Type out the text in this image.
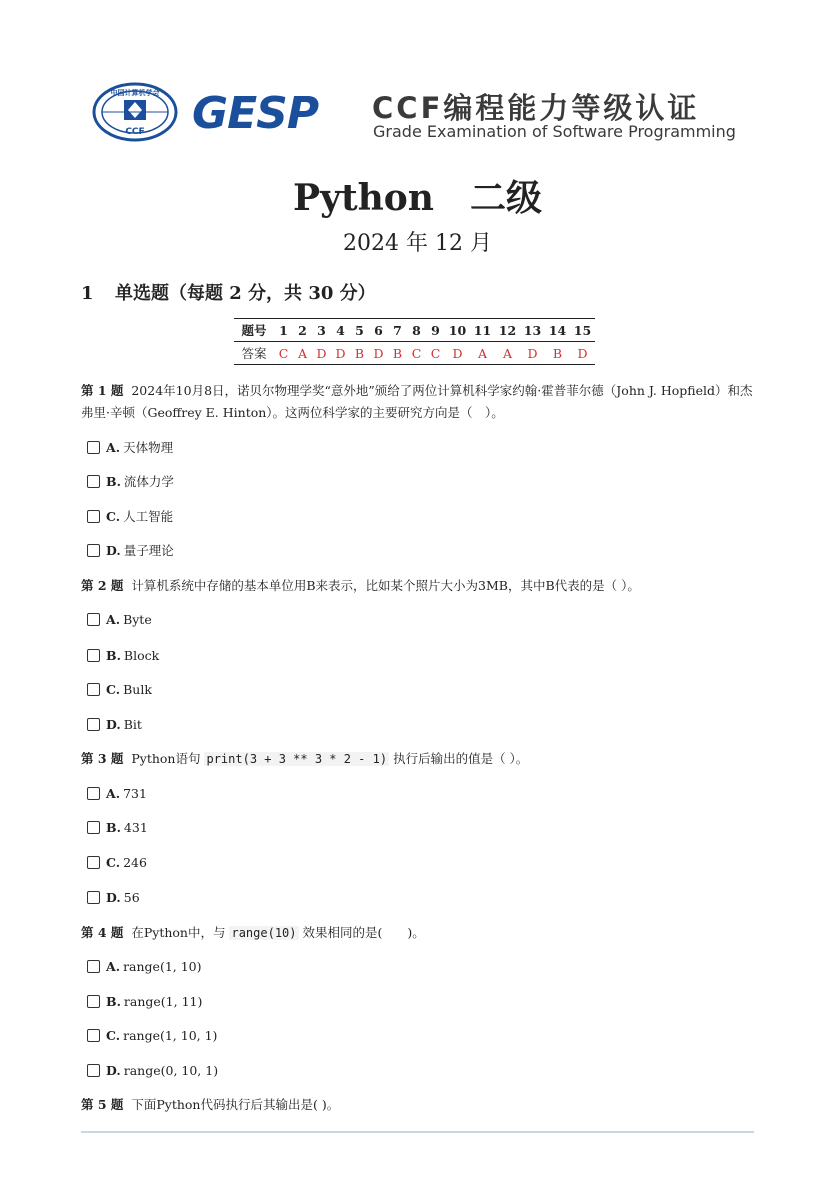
中国计算机学会
CCF GESP CCF编程能力等级认证
Grade Examination of Software Programming
Python　二级
2024 年 12 月
1 单选题（每题 2 分，共 30 分）
题号	1	2	3	4	5	6	7	8	9	10	11	12	13	14	15
答案	C	A	D	D	B	D	B	C	C	D	A	A	D	B	D
第 1 题 2024年10月8日，诺贝尔物理学奖“意外地”颁给了两位计算机科学家约翰·霍普菲尔德（John J. Hopfield）和杰
弗里·辛顿（Geoffrey E. Hinton）。这两位科学家的主要研究方向是（　）。
A. 天体物理
B. 流体力学
C. 人工智能
D. 量子理论
第 2 题 计算机系统中存储的基本单位用B来表示，比如某个照片大小为3MB，其中B代表的是（ ）。
A. Byte
B. Block
C. Bulk
D. Bit
第 3 题 Python语句 print(3 + 3 ** 3 * 2 - 1) 执行后输出的值是（ ）。
A. 731
B. 431
C. 246
D. 56
第 4 题 在Python中，与 range(10) 效果相同的是(　　)。
A. range(1, 10)
B. range(1, 11)
C. range(1, 10, 1)
D. range(0, 10, 1)
第 5 题 下面Python代码执行后其输出是( )。
